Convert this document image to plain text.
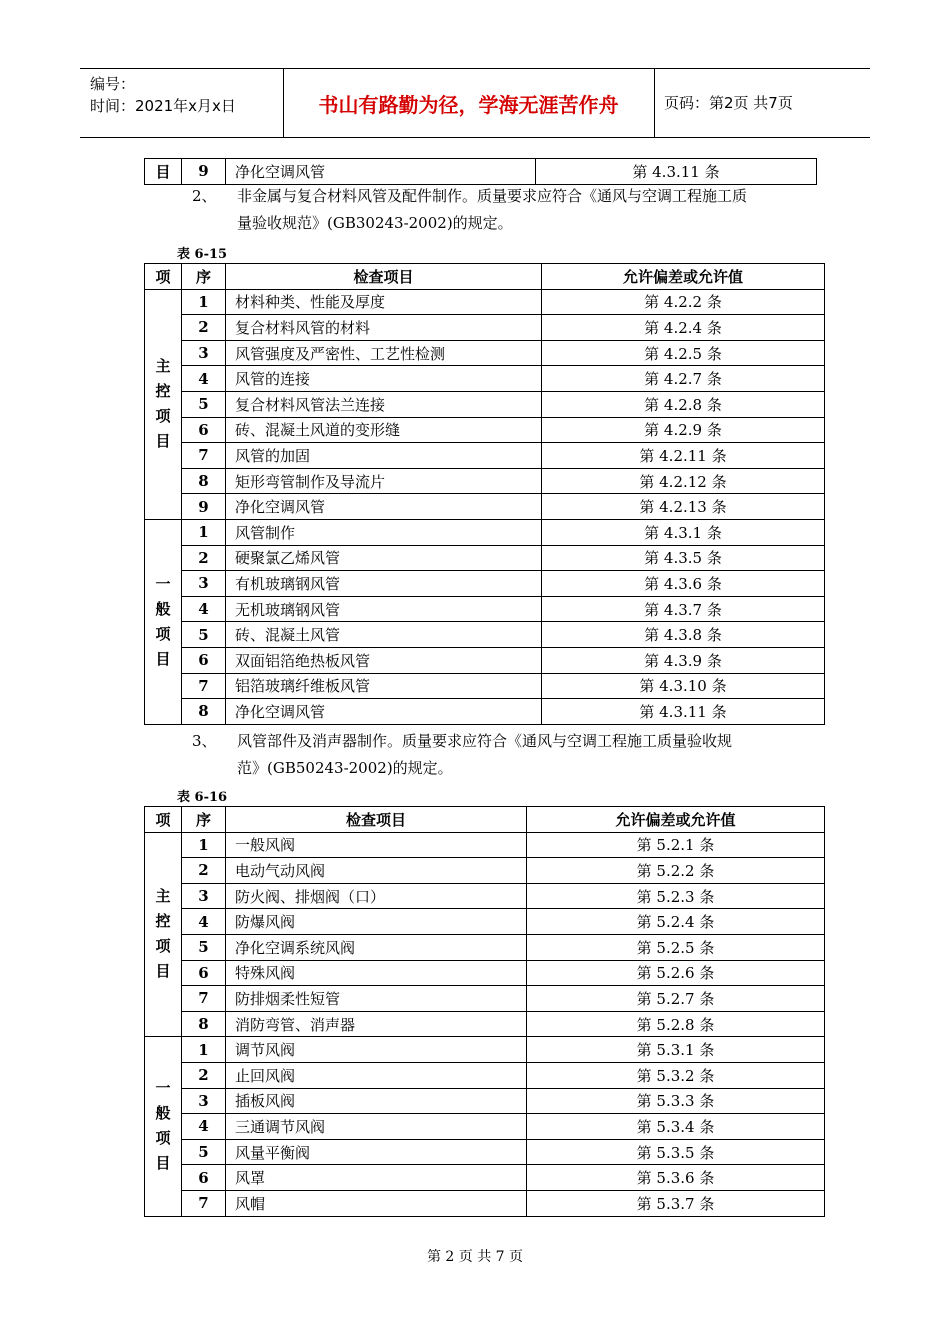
编号：
时间：2021年x月x日	书山有路勤为径，学海无涯苦作舟	页码：第2页 共7页
目	9	净化空调风管	第 4.3.11 条
2、 非金属与复合材料风管及配件制作。质量要求应符合《通风与空调工程施工质
量验收规范》(GB30243-2002)的规定。
表 6-15
项	序	检查项目	允许偏差或允许值

主
控
项
目	1	材料种类、性能及厚度	第 4.2.2 条
	2	复合材料风管的材料	第 4.2.4 条
	3	风管强度及严密性、工艺性检测	第 4.2.5 条
	4	风管的连接	第 4.2.7 条
	5	复合材料风管法兰连接	第 4.2.8 条
	6	砖、混凝土风道的变形缝	第 4.2.9 条
	7	风管的加固	第 4.2.11 条
	8	矩形弯管制作及导流片	第 4.2.12 条
	9	净化空调风管	第 4.2.13 条

一
般
项
目	1	风管制作	第 4.3.1 条
	2	硬聚氯乙烯风管	第 4.3.5 条
	3	有机玻璃钢风管	第 4.3.6 条
	4	无机玻璃钢风管	第 4.3.7 条
	5	砖、混凝土风管	第 4.3.8 条
	6	双面铝箔绝热板风管	第 4.3.9 条
	7	铝箔玻璃纤维板风管	第 4.3.10 条
	8	净化空调风管	第 4.3.11 条
3、 风管部件及消声器制作。质量要求应符合《通风与空调工程施工质量验收规
范》(GB50243-2002)的规定。
表 6-16
项	序	检查项目	允许偏差或允许值

主
控
项
目	1	一般风阀	第 5.2.1 条
	2	电动气动风阀	第 5.2.2 条
	3	防火阀、排烟阀（口）	第 5.2.3 条
	4	防爆风阀	第 5.2.4 条
	5	净化空调系统风阀	第 5.2.5 条
	6	特殊风阀	第 5.2.6 条
	7	防排烟柔性短管	第 5.2.7 条
	8	消防弯管、消声器	第 5.2.8 条

一
般
项
目	1	调节风阀	第 5.3.1 条
	2	止回风阀	第 5.3.2 条
	3	插板风阀	第 5.3.3 条
	4	三通调节风阀	第 5.3.4 条
	5	风量平衡阀	第 5.3.5 条
	6	风罩	第 5.3.6 条
	7	风帽	第 5.3.7 条
第 2 页 共 7 页
